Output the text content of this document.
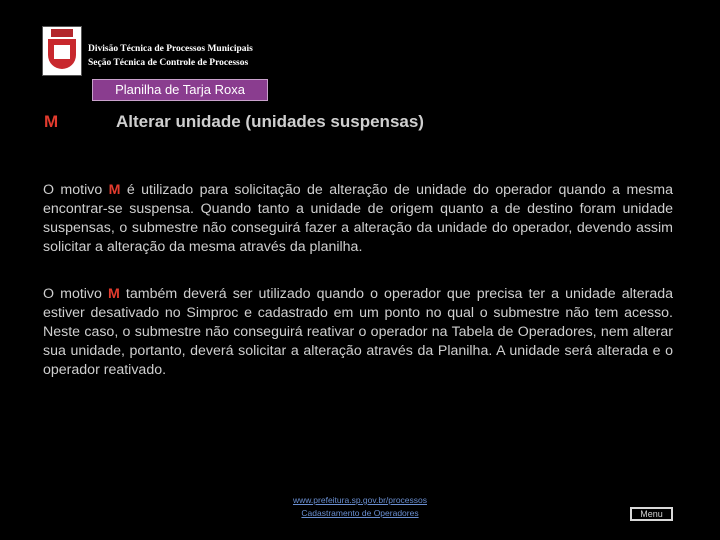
Divisão Técnica de Processos Municipais
Seção Técnica de Controle de Processos
Planilha de Tarja Roxa
M	Alterar unidade (unidades suspensas)

O motivo M é utilizado para solicitação de alteração de unidade do operador quando a mesma encontrar-se suspensa. Quando tanto a unidade de origem quanto a de destino foram unidade suspensas, o submestre não conseguirá fazer a alteração da unidade do operador, devendo assim solicitar a alteração da mesma através da planilha.

O motivo M também deverá ser utilizado quando o operador que precisa ter a unidade alterada estiver desativado no Simproc e cadastrado em um ponto no qual o submestre não tem acesso. Neste caso, o submestre não conseguirá reativar o operador na Tabela de Operadores, nem alterar sua unidade, portanto, deverá solicitar a alteração através da Planilha. A unidade será alterada e o operador reativado.

www.prefeitura.sp.gov.br/processos
Cadastramento de Operadores	Menu
